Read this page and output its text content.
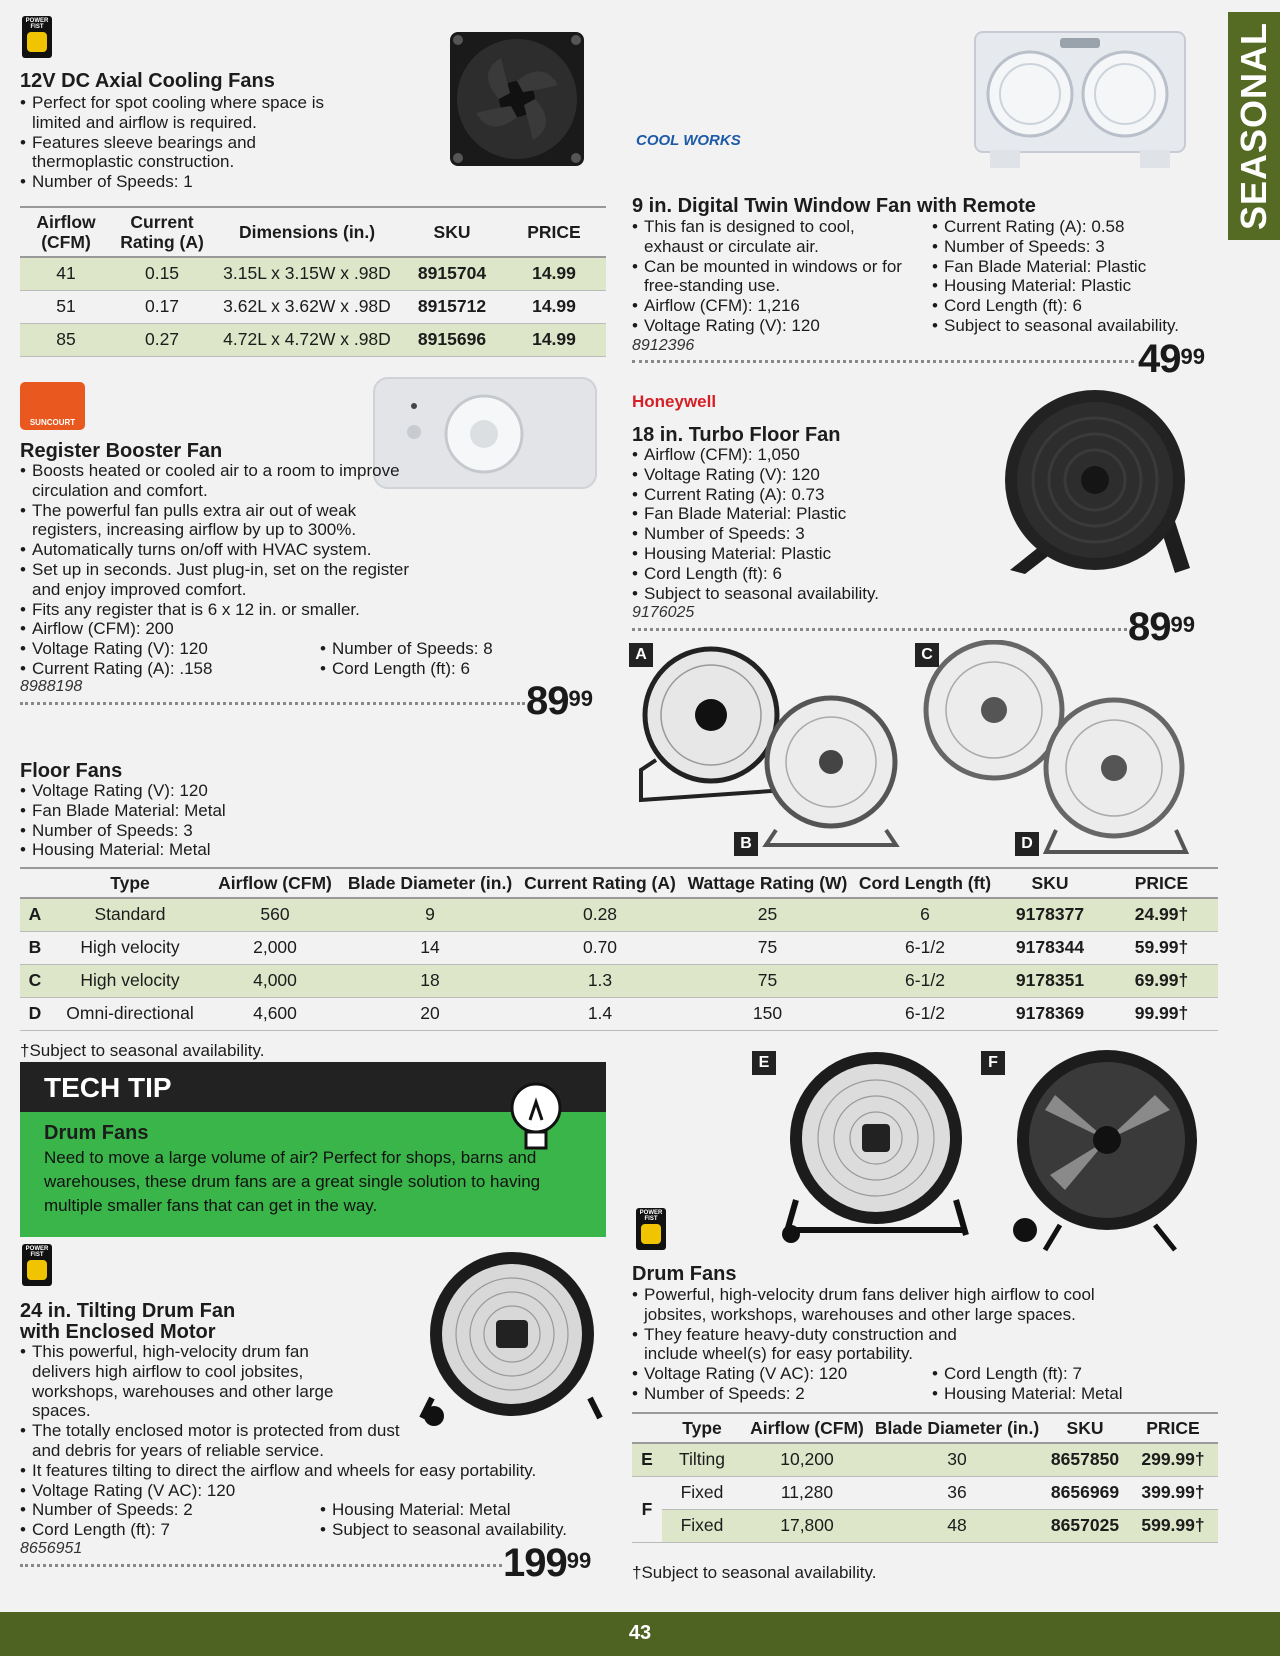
SEASONAL
43
POWER FIST
12V DC Axial Cooling Fans
• Perfect for spot cooling where space is limited and airflow is required.
• Features sleeve bearings and thermoplastic construction.
• Number of Speeds: 1
Airflow (CFM)	Current Rating (A)	Dimensions (in.)	SKU	PRICE
41	0.15	3.15L x 3.15W x .98D	8915704	14.99
51	0.17	3.62L x 3.62W x .98D	8915712	14.99
85	0.27	4.72L x 4.72W x .98D	8915696	14.99
COOL WORKS
9 in. Digital Twin Window Fan with Remote
• This fan is designed to cool, exhaust or circulate air.
• Can be mounted in windows or for free-standing use.
• Airflow (CFM): 1,216
• Voltage Rating (V): 120
• Current Rating (A): 0.58
• Number of Speeds: 3
• Fan Blade Material: Plastic
• Housing Material: Plastic
• Cord Length (ft): 6
• Subject to seasonal availability.
8912396	$49^{99}$
SUNCOURT
Register Booster Fan
• Boosts heated or cooled air to a room to improve circulation and comfort.
• The powerful fan pulls extra air out of weak registers, increasing airflow by up to 300%.
• Automatically turns on/off with HVAC system.
• Set up in seconds. Just plug-in, set on the register and enjoy improved comfort.
• Fits any register that is 6 x 12 in. or smaller.
• Airflow (CFM): 200
• Voltage Rating (V): 120
• Current Rating (A): .158
• Number of Speeds: 8
• Cord Length (ft): 6
8988198	$89^{99}$
Honeywell
18 in. Turbo Floor Fan
• Airflow (CFM): 1,050
• Voltage Rating (V): 120
• Current Rating (A): 0.73
• Fan Blade Material: Plastic
• Number of Speeds: 3
• Housing Material: Plastic
• Cord Length (ft): 6
• Subject to seasonal availability.
9176025	$89^{99}$
A	C
B	D
Floor Fans
• Voltage Rating (V): 120
• Fan Blade Material: Metal
• Number of Speeds: 3
• Housing Material: Metal
	Type	Airflow (CFM)	Blade Diameter (in.)	Current Rating (A)	Wattage Rating (W)	Cord Length (ft)	SKU	PRICE
A	Standard	560	9	0.28	25	6	9178377	24.99†
B	High velocity	2,000	14	0.70	75	6-1/2	9178344	59.99†
C	High velocity	4,000	18	1.3	75	6-1/2	9178351	69.99†
D	Omni-directional	4,600	20	1.4	150	6-1/2	9178369	99.99†
†Subject to seasonal availability.
TECH TIP
Drum Fans
Need to move a large volume of air? Perfect for shops, barns and warehouses, these drum fans are a great single solution to having multiple smaller fans that can get in the way.
POWER FIST
24 in. Tilting Drum Fan
with Enclosed Motor
• This powerful, high-velocity drum fan delivers high airflow to cool jobsites, workshops, warehouses and other large spaces.
• The totally enclosed motor is protected from dust and debris for years of reliable service.
• It features tilting to direct the airflow and wheels for easy portability.
• Voltage Rating (V AC): 120
• Number of Speeds: 2
• Cord Length (ft): 7
• Housing Material: Metal
• Subject to seasonal availability.
8656951	$199^{99}$
E	F
POWER FIST
Drum Fans
• Powerful, high-velocity drum fans deliver high airflow to cool jobsites, workshops, warehouses and other large spaces.
• They feature heavy-duty construction and include wheel(s) for easy portability.
• Voltage Rating (V AC): 120
• Number of Speeds: 2
• Cord Length (ft): 7
• Housing Material: Metal
	Type	Airflow (CFM)	Blade Diameter (in.)	SKU	PRICE
E	Tilting	10,200	30	8657850	299.99†
F	Fixed	11,280	36	8656969	399.99†
	Fixed	17,800	48	8657025	599.99†
†Subject to seasonal availability.
